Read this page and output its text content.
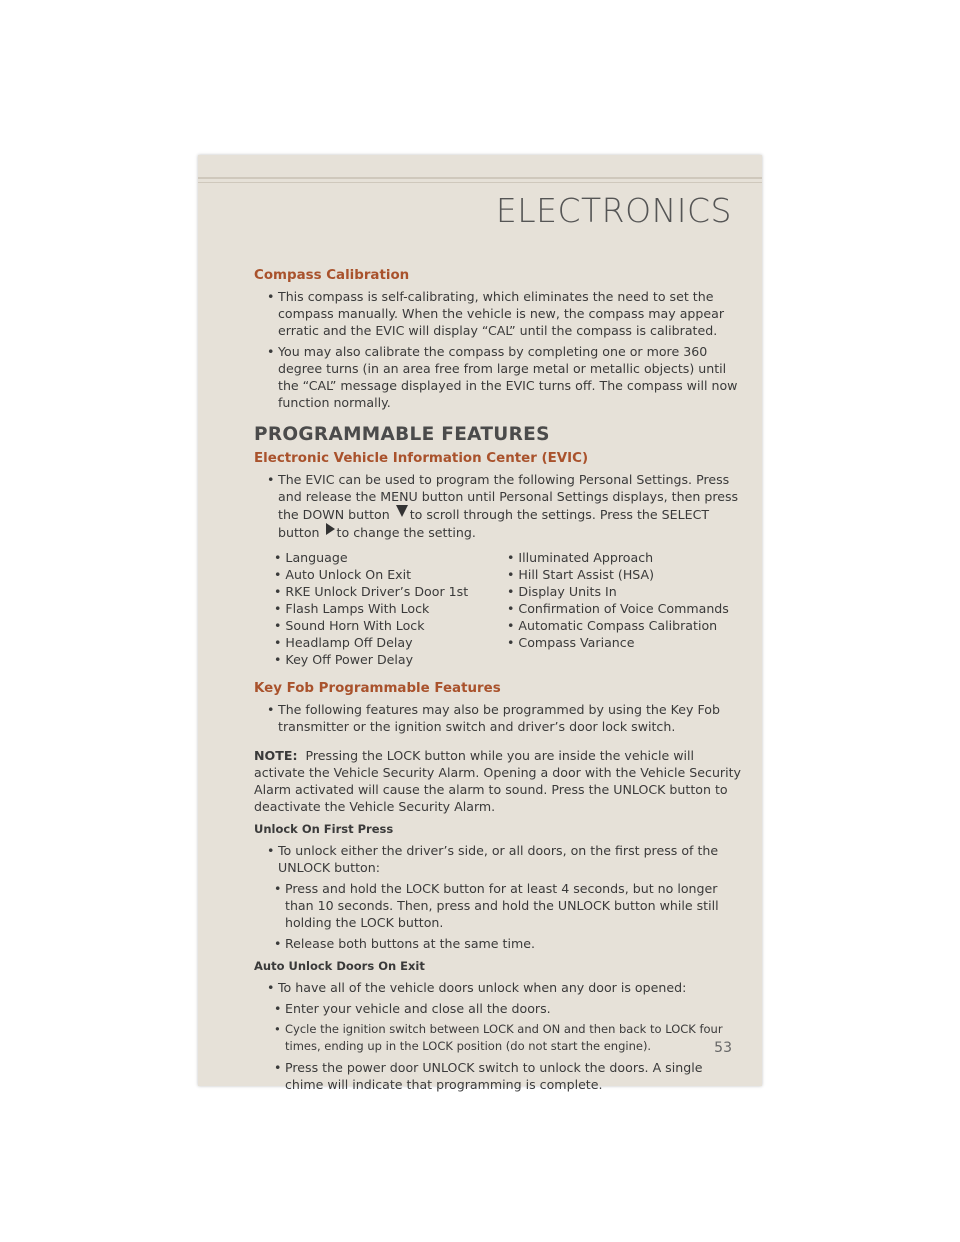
ELECTRONICS
Compass Calibration

• This compass is self-calibrating, which eliminates the need to set the compass manually. When the vehicle is new, the compass may appear erratic and the EVIC will display “CAL” until the compass is calibrated.

• You may also calibrate the compass by completing one or more 360 degree turns (in an area free from large metal or metallic objects) until the “CAL” message displayed in the EVIC turns off. The compass will now function normally.

PROGRAMMABLE FEATURES
Electronic Vehicle Information Center (EVIC)

• The EVIC can be used to program the following Personal Settings. Press and release the MENU button until Personal Settings displays, then press the DOWN button to scroll through the settings. Press the SELECT button to change the setting.

• Language
• Auto Unlock On Exit
• RKE Unlock Driver’s Door 1st
• Flash Lamps With Lock
• Sound Horn With Lock
• Headlamp Off Delay
• Key Off Power Delay
• Illuminated Approach
• Hill Start Assist (HSA)
• Display Units In
• Confirmation of Voice Commands
• Automatic Compass Calibration
• Compass Variance
Key Fob Programmable Features

• The following features may also be programmed by using the Key Fob transmitter or the ignition switch and driver’s door lock switch.

NOTE: Pressing the LOCK button while you are inside the vehicle will activate the Vehicle Security Alarm. Opening a door with the Vehicle Security Alarm activated will cause the alarm to sound. Press the UNLOCK button to deactivate the Vehicle Security Alarm.

Unlock On First Press

• To unlock either the driver’s side, or all doors, on the first press of the UNLOCK button:

• Press and hold the LOCK button for at least 4 seconds, but no longer than 10 seconds. Then, press and hold the UNLOCK button while still holding the LOCK button.

• Release both buttons at the same time.

Auto Unlock Doors On Exit

• To have all of the vehicle doors unlock when any door is opened:

• Enter your vehicle and close all the doors.

• Cycle the ignition switch between LOCK and ON and then back to LOCK four times, ending up in the LOCK position (do not start the engine).

• Press the power door UNLOCK switch to unlock the doors. A single chime will indicate that programming is complete.

53
